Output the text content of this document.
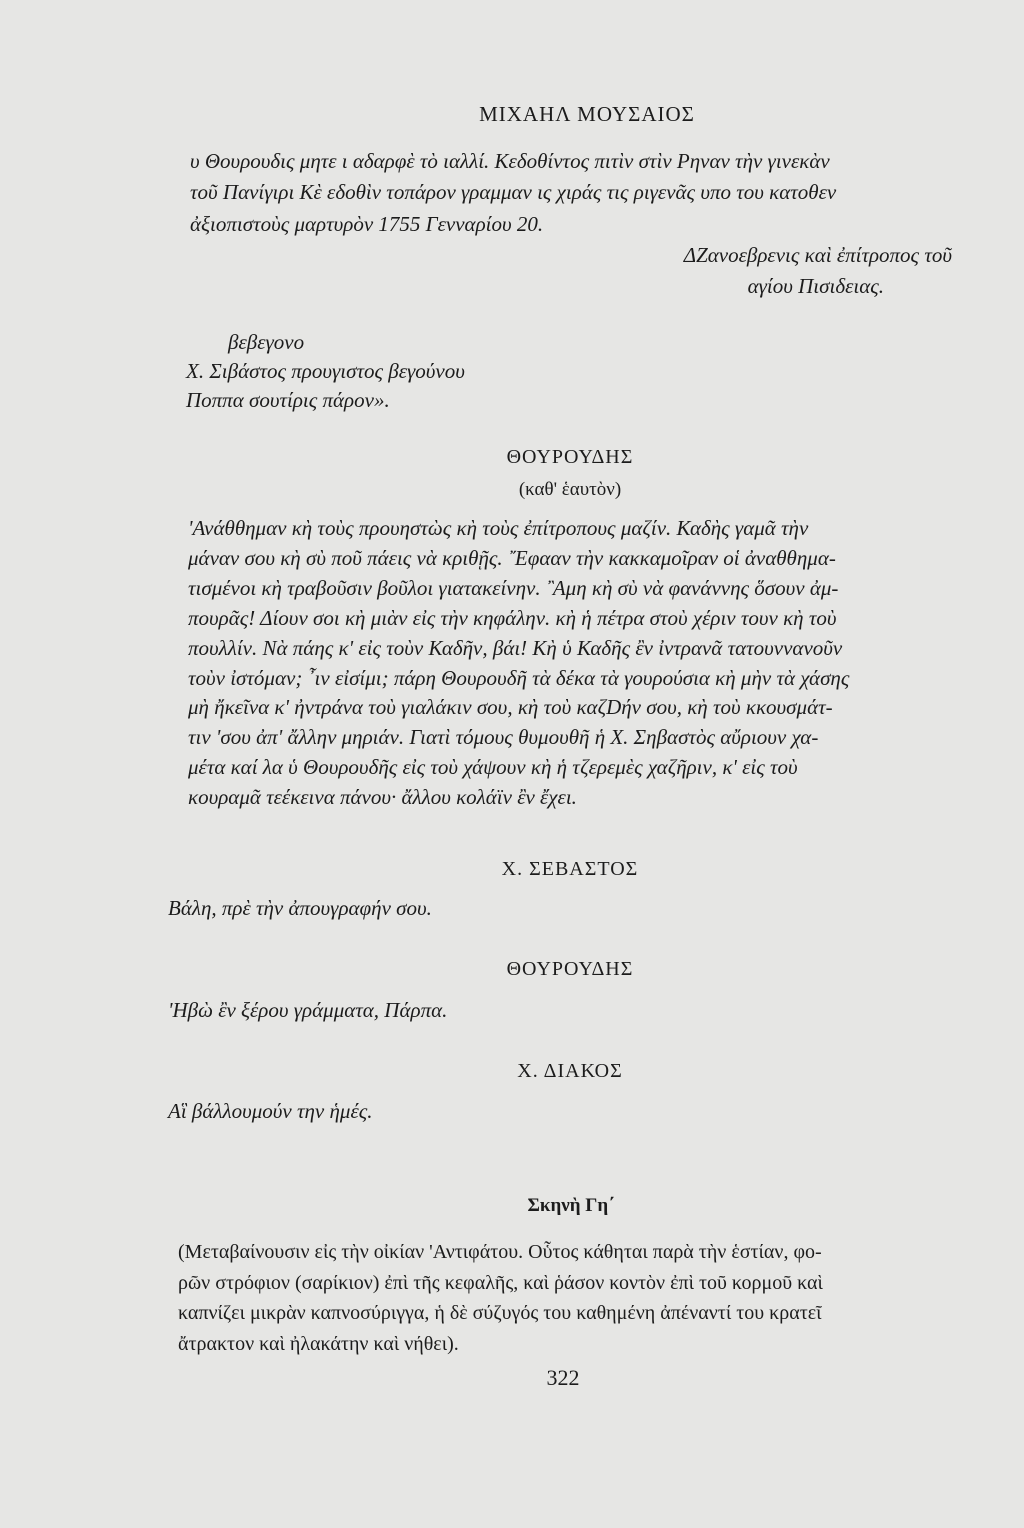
ΜΙΧΑΗΛ ΜΟΥΣΑΙΟΣ

υ Θουρουδις μητε ι αδαρφὲ τὸ ιαλλί. Κεδοθίντος πιτὶν στὶν Ρηναν τὴν γινεκὰν
τοῦ Πανίγιρι Κὲ εδοθὶν τοπάρον γραμμαν ις χιράς τις ριγενᾶς υπο του κατοθεν
ἀξιοπιστοὺς μαρτυρὸν 1755 Γενναρίου 20.

ΔΖανοεβρενις καὶ ἐπίτροπος τοῦ
αγίου Πισιδειας.

βεβεγονο
Χ. Σιβάστος προυγιστος βεγούνου
Ποππα σουτίρις πάρον».

ΘΟΥΡΟΥΔΗΣ
(καθ' ἑαυτὸν)

'Ανάθθημαν κὴ τοὺς προυηστὼς κὴ τοὺς ἐπίτροπους μαζίν. Καδὴς γαμᾶ τὴν
μάναν σου κὴ σὺ ποῦ πάεις νὰ κριθῇς. ῎Εφααν τὴν κακκαμοῖραν οἱ ἀναθθημα-
τισμένοι κὴ τραβοῦσιν βοῦλοι γιατακείνην. ῍Αμη κὴ σὺ νὰ φανάννης ὅσουν ἀμ-
πουρᾶς! Δίουν σοι κὴ μιὰν εἰς τὴν κηφάλην. κὴ ἡ πέτρα στοὺ χέριν τουν κὴ τοὺ
πουλλίν. Νὰ πάης κ' εἰς τοὺν Καδῆν, βάι! Κὴ ὑ Καδῆς ἒν ἰντρανᾶ τατουννανοῦν
τοὺν ἰστόμαν; ῏ιν εἰσίμι; πάρη Θουρουδῆ τὰ δέκα τὰ γουρούσια κὴ μὴν τὰ χάσης
μὴ ἤκεῖνα κ' ἠντράνα τοὺ γιαλάκιν σου, κὴ τοὺ καζDήν σου, κὴ τοὺ κκουσμάτ-
τιν 'σου ἀπ' ἄλλην μηριάν. Γιατὶ τόμους θυμουθῆ ἡ Χ. Σηβαστὸς αὔριουν χα-
μέτα καί λα ὑ Θουρουδῆς εἰς τοὺ χάψουν κὴ ἡ τζερεμὲς χαζῆριν, κ' εἰς τοὺ
κουραμᾶ τεέκεινα πάνου· ἄλλου κολάϊν ἒν ἔχει.

Χ. ΣΕΒΑΣΤΟΣ
Βάλη, πρὲ τὴν ἀπουγραφήν σου.
ΘΟΥΡΟΥΔΗΣ
'Ηβὼ ἒν ξέρου γράμματα, Πάρπα.
Χ. ΔΙΑΚΟΣ
Αἳ βάλλουμούν την ἡμές.
Σκηνὴ Γη΄
(Μεταβαίνουσιν εἰς τὴν οἰκίαν 'Αντιφάτου. Οὗτος κάθηται παρὰ τὴν ἑστίαν, φο-
ρῶν στρόφιον (σαρίκιον) ἐπὶ τῆς κεφαλῆς, καὶ ῥάσον κοντὸν ἐπὶ τοῦ κορμοῦ καὶ
καπνίζει μικρὰν καπνοσύριγγα, ἡ δὲ σύζυγός του καθημένη ἀπέναντί του κρατεῖ
ἄτρακτον καὶ ἠλακάτην καὶ νήθει).
322
